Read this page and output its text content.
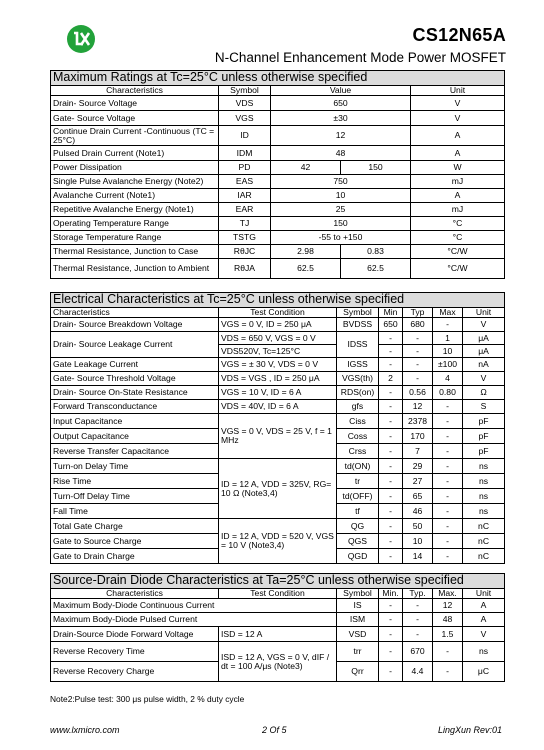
CS12N65A
N-Channel Enhancement Mode Power MOSFET
Maximum Ratings at Tc=25°C unless otherwise specified				
Characteristics	Symbol	Value		Unit
Drain- Source Voltage	VDS	650		V
Gate- Source Voltage	VGS	±30		V
Continue Drain Current -Continuous (TC = 25°C)	ID	12		A
Pulsed Drain Current (Note1)	IDM	48		A
Power Dissipation	PD	42	150	W
Single Pulse Avalanche Energy (Note2)	EAS	750		mJ
Avalanche Current (Note1)	IAR	10		A
Repetitive Avalanche Energy (Note1)	EAR	25		mJ
Operating Temperature Range	TJ	150		°C
Storage Temperature Range	TSTG	-55 to +150		°C
Thermal Resistance, Junction to Case	RθJC	2.98	0.83	°C/W
Thermal Resistance, Junction to Ambient	RθJA	62.5	62.5	°C/W
Electrical Characteristics at Tc=25°C unless otherwise specified						
Characteristics	Test Condition	Symbol	Min	Typ	Max	Unit
Drain- Source Breakdown Voltage	VGS = 0 V, ID = 250 μA	BVDSS	650	680	-	V
Drain- Source Leakage Current	VDS = 650 V, VGS = 0 V	IDSS	-	-	1	μA
	VDS520V, Tc=125°C		-	-	10	μA
Gate Leakage Current	VGS = ± 30 V, VDS = 0 V	IGSS	-	-	±100	nA
Gate- Source Threshold Voltage	VDS = VGS , ID = 250 μA	VGS(th)	2	-	4	V
Drain- Source On-State Resistance	VGS = 10 V, ID = 6 A	RDS(on)	-	0.56	0.80	Ω
Forward Transconductance	VDS = 40V, ID = 6 A	gfs	-	12	-	S
Input Capacitance	VGS = 0 V, VDS = 25 V, f = 1 MHz	Ciss	-	2378	-	pF
Output Capacitance		Coss	-	170	-	pF
Reverse Transfer Capacitance		Crss	-	7	-	pF
Turn-on Delay Time	ID = 12 A, VDD = 325V, RG= 10 Ω (Note3,4)	td(ON)	-	29	-	ns
Rise Time		tr	-	27	-	ns
Turn-Off Delay Time		td(OFF)	-	65	-	ns
Fall Time		tf	-	46	-	ns
Total Gate Charge	ID = 12 A, VDD = 520 V, VGS = 10 V (Note3,4)	QG	-	50	-	nC
Gate to Source Charge		QGS	-	10	-	nC
Gate to Drain Charge		QGD	-	14	-	nC
Source-Drain Diode Characteristics at Ta=25°C unless otherwise specified						
Characteristics	Test Condition	Symbol	Min.	Typ.	Max.	Unit
Maximum Body-Diode Continuous Current		IS	-	-	12	A
Maximum Body-Diode Pulsed Current		ISM	-	-	48	A
Drain-Source Diode Forward Voltage	ISD = 12 A	VSD	-	-	1.5	V
Reverse Recovery Time	ISD = 12 A, VGS = 0 V, dIF / dt = 100 A/μs (Note3)	trr	-	670	-	ns
Reverse Recovery Charge		Qrr	-	4.4	-	μC
Note2:Pulse test: 300 μs pulse width, 2 % duty cycle
www.lxmicro.com	2 Of 5	LingXun Rev:01
